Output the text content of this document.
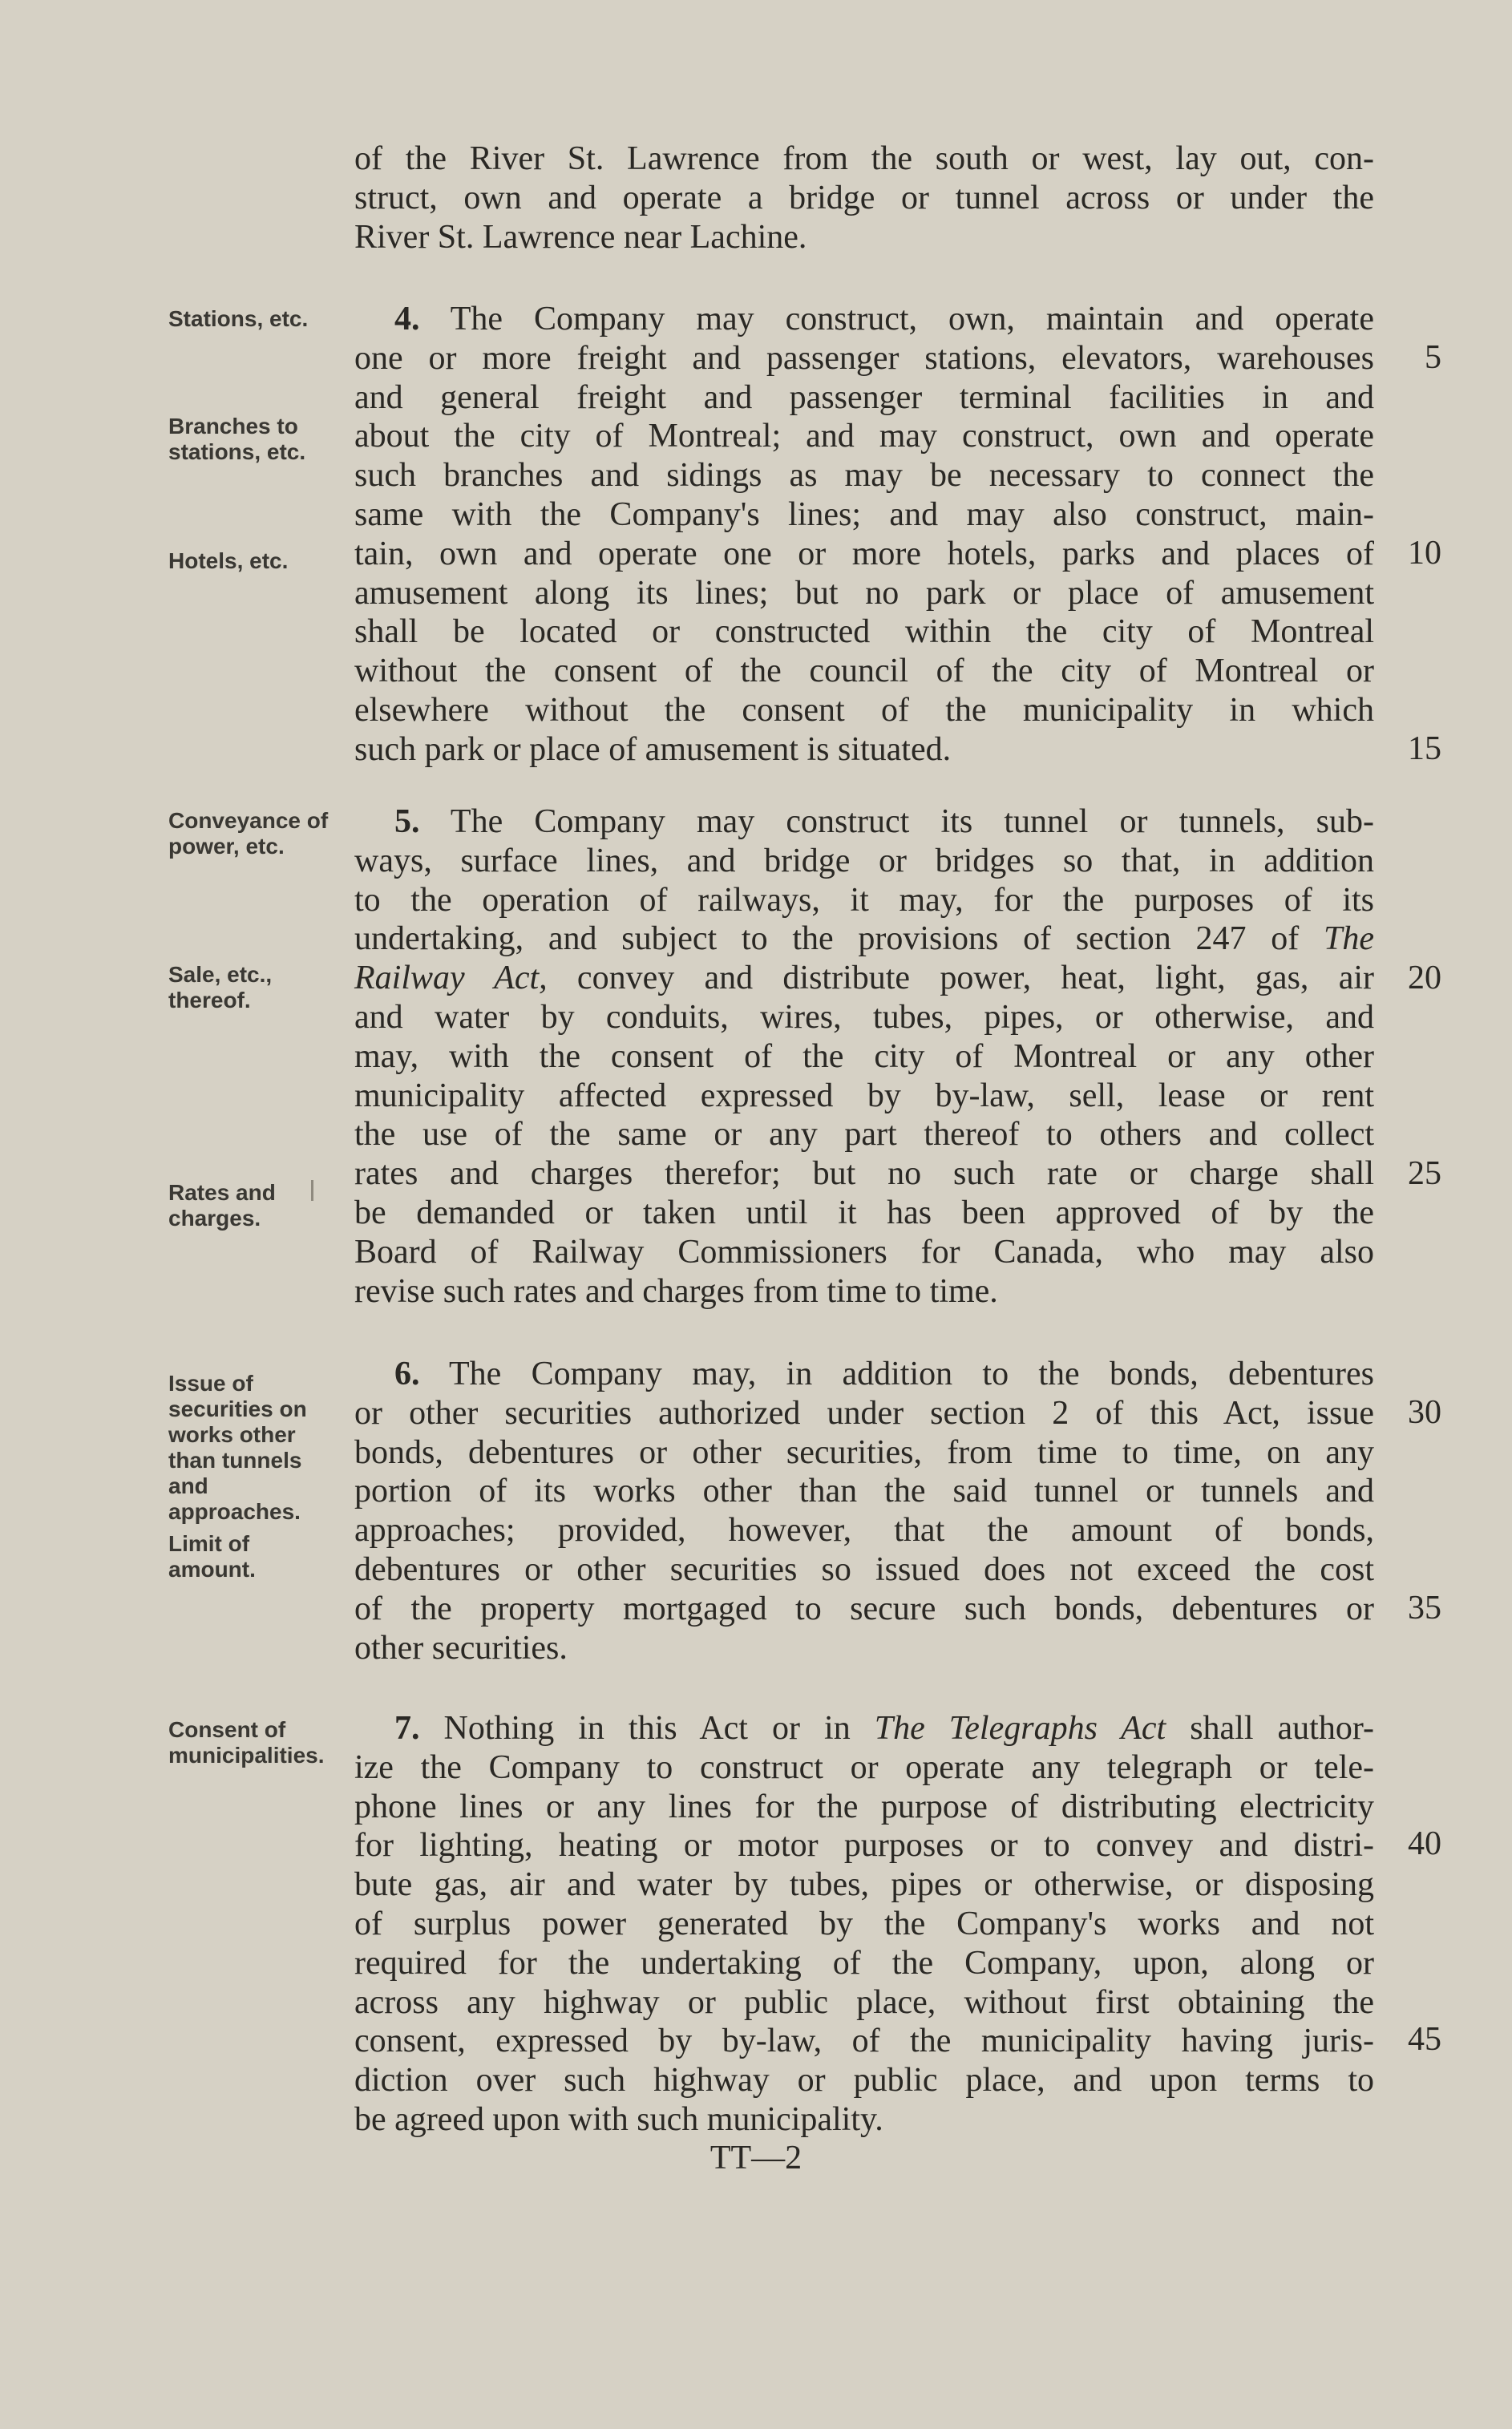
of the River St. Lawrence from the south or west, lay out, con-
struct, own and operate a bridge or tunnel across or under the
River St. Lawrence near Lachine.
4. The Company may construct, own, maintain and operate
one or more freight and passenger stations, elevators, warehouses
and general freight and passenger terminal facilities in and
about the city of Montreal; and may construct, own and operate
such branches and sidings as may be necessary to connect the
same with the Company's lines; and may also construct, main-
tain, own and operate one or more hotels, parks and places of
amusement along its lines; but no park or place of amusement
shall be located or constructed within the city of Montreal
without the consent of the council of the city of Montreal or
elsewhere without the consent of the municipality in which
such park or place of amusement is situated.
5. The Company may construct its tunnel or tunnels, sub-
ways, surface lines, and bridge or bridges so that, in addition
to the operation of railways, it may, for the purposes of its
undertaking, and subject to the provisions of section 247 of The
Railway Act, convey and distribute power, heat, light, gas, air
and water by conduits, wires, tubes, pipes, or otherwise, and
may, with the consent of the city of Montreal or any other
municipality affected expressed by by-law, sell, lease or rent
the use of the same or any part thereof to others and collect
rates and charges therefor; but no such rate or charge shall
be demanded or taken until it has been approved of by the
Board of Railway Commissioners for Canada, who may also
revise such rates and charges from time to time.
6. The Company may, in addition to the bonds, debentures
or other securities authorized under section 2 of this Act, issue
bonds, debentures or other securities, from time to time, on any
portion of its works other than the said tunnel or tunnels and
approaches; provided, however, that the amount of bonds,
debentures or other securities so issued does not exceed the cost
of the property mortgaged to secure such bonds, debentures or
other securities.
7. Nothing in this Act or in The Telegraphs Act shall author-
ize the Company to construct or operate any telegraph or tele-
phone lines or any lines for the purpose of distributing electricity
for lighting, heating or motor purposes or to convey and distri-
bute gas, air and water by tubes, pipes or otherwise, or disposing
of surplus power generated by the Company's works and not
required for the undertaking of the Company, upon, along or
across any highway or public place, without first obtaining the
consent, expressed by by-law, of the municipality having juris-
diction over such highway or public place, and upon terms to
be agreed upon with such municipality.
5
10
15
20
25
30
35
40
45
Stations, etc.
Branches to stations, etc.
Hotels, etc.
Conveyance of power, etc.
Sale, etc., thereof.
Rates and charges.
Issue of securities on works other than tunnels and approaches.
Limit of amount.
Consent of municipalities.
TT—2
